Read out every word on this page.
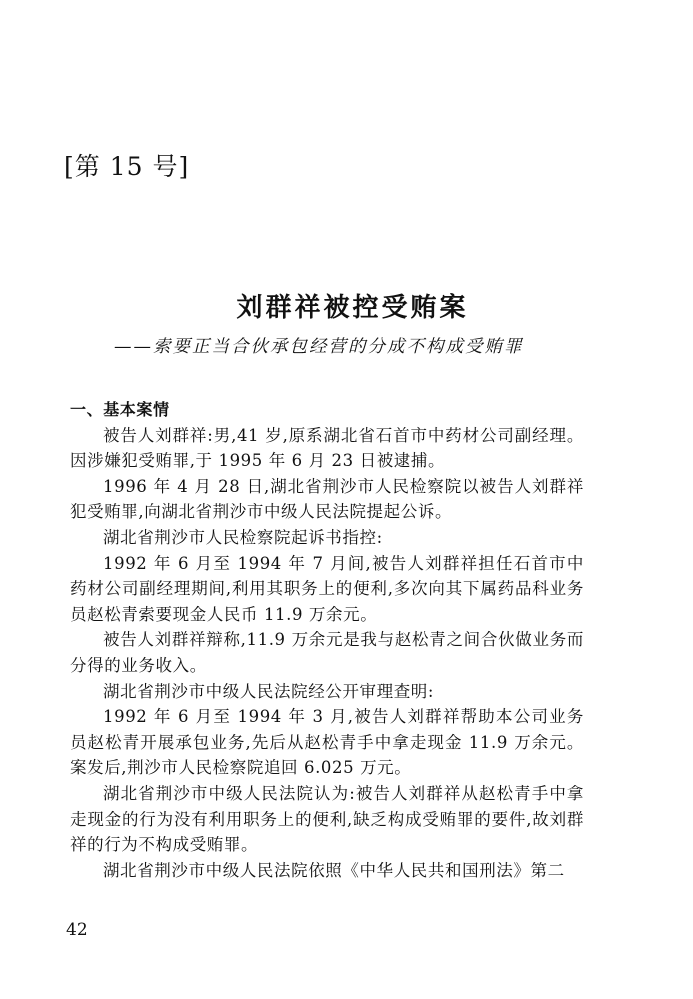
[第 15 号]
刘群祥被控受贿案
——索要正当合伙承包经营的分成不构成受贿罪

一、基本案情

被告人刘群祥:男,41 岁,原系湖北省石首市中药材公司副经理。因涉嫌犯受贿罪,于 1995 年 6 月 23 日被逮捕。

1996 年 4 月 28 日,湖北省荆沙市人民检察院以被告人刘群祥犯受贿罪,向湖北省荆沙市中级人民法院提起公诉。

湖北省荆沙市人民检察院起诉书指控:

1992 年 6 月至 1994 年 7 月间,被告人刘群祥担任石首市中药材公司副经理期间,利用其职务上的便利,多次向其下属药品科业务员赵松青索要现金人民币 11.9 万余元。

被告人刘群祥辩称,11.9 万余元是我与赵松青之间合伙做业务而分得的业务收入。

湖北省荆沙市中级人民法院经公开审理查明:

1992 年 6 月至 1994 年 3 月,被告人刘群祥帮助本公司业务员赵松青开展承包业务,先后从赵松青手中拿走现金 11.9 万余元。案发后,荆沙市人民检察院追回 6.025 万元。

湖北省荆沙市中级人民法院认为:被告人刘群祥从赵松青手中拿走现金的行为没有利用职务上的便利,缺乏构成受贿罪的要件,故刘群祥的行为不构成受贿罪。

湖北省荆沙市中级人民法院依照《中华人民共和国刑法》第二

42
